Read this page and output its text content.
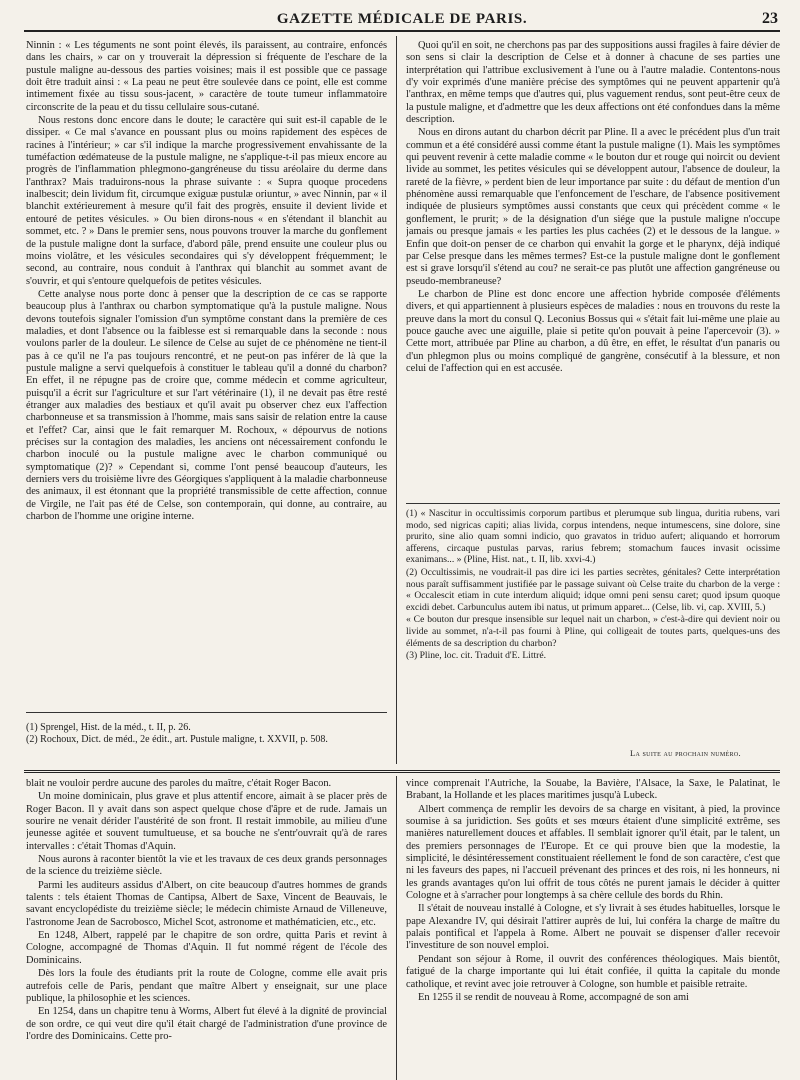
GAZETTE MÉDICALE DE PARIS.	23

Ninnin : « Les téguments ne sont point élevés, ils paraissent, au contraire, enfoncés dans les chairs, » car on y trouverait la dépression si fréquente de l'eschare de la pustule maligne au-dessous des parties voisines; mais il est possible que ce passage doit être traduit ainsi : « La peau ne peut être soulevée dans ce point, elle est comme intimement fixée au tissu sous-jacent, » caractère de toute tumeur inflammatoire circonscrite de la peau et du tissu cellulaire sous-cutané.

Nous restons donc encore dans le doute; le caractère qui suit est-il capable de le dissiper. « Ce mal s'avance en poussant plus ou moins rapidement des espèces de racines à l'intérieur; » car s'il indique la marche progressivement envahissante de la tuméfaction œdémateuse de la pustule maligne, ne s'applique-t-il pas mieux encore au progrès de l'inflammation phlegmono-gangréneuse du tissu aréolaire du derme dans l'anthrax? Mais traduirons-nous la phrase suivante : « Supra quoque procedens inalbescit; dein lividum fit, circumque exiguæ pustulæ oriuntur, » avec Ninnin, par « il blanchit extérieurement à mesure qu'il fait des progrès, ensuite il devient livide et entouré de petites vésicules. » Ou bien dirons-nous « en s'étendant il blanchit au sommet, etc. ? » Dans le premier sens, nous pouvons trouver la marche du gonflement de la pustule maligne dont la surface, d'abord pâle, prend ensuite une couleur plus ou moins violâtre, et les vésicules secondaires qui s'y développent fréquemment; le second, au contraire, nous conduit à l'anthrax qui blanchit au sommet avant de s'ouvrir, et qui s'entoure quelquefois de petites vésicules.

Cette analyse nous porte donc à penser que la description de ce cas se rapporte beaucoup plus à l'anthrax ou charbon symptomatique qu'à la pustule maligne. Nous devons toutefois signaler l'omission d'un symptôme constant dans la première de ces maladies, et dont l'absence ou la faiblesse est si remarquable dans la seconde : nous voulons parler de la douleur. Le silence de Celse au sujet de ce phénomène ne tient-il pas à ce qu'il ne l'a pas toujours rencontré, et ne peut-on pas inférer de là que la pustule maligne a servi quelquefois à constituer le tableau qu'il a donné du charbon? En effet, il ne répugne pas de croire que, comme médecin et comme agriculteur, puisqu'il a écrit sur l'agriculture et sur l'art vétérinaire (1), il ne devait pas être resté étranger aux maladies des bestiaux et qu'il avait pu observer chez eux l'affection charbonneuse et sa transmission à l'homme, mais sans saisir de relation entre la cause et l'effet? Car, ainsi que le fait remarquer M. Rochoux, « dépourvus de notions précises sur la contagion des maladies, les anciens ont nécessairement confondu le charbon inoculé ou la pustule maligne avec le charbon communiqué ou symptomatique (2)? » Cependant si, comme l'ont pensé beaucoup d'auteurs, les derniers vers du troisième livre des Géorgiques s'appliquent à la maladie charbonneuse des animaux, il est étonnant que la propriété transmissible de cette affection, connue de Virgile, ne l'ait pas été de Celse, son contemporain, qui donne, au contraire, au charbon de l'homme une origine interne.

Quoi qu'il en soit, ne cherchons pas par des suppositions aussi fragiles à faire dévier de son sens si clair la description de Celse et à donner à chacune de ses parties une interprétation qui l'attribue exclusivement à l'une ou à l'autre maladie. Contentons-nous d'y voir exprimés d'une manière précise des symptômes qui ne peuvent appartenir qu'à l'anthrax, en même temps que d'autres qui, plus vaguement rendus, sont peut-être ceux de la pustule maligne, et d'admettre que les deux affections ont été confondues dans la même description.

Nous en dirons autant du charbon décrit par Pline. Il a avec le précédent plus d'un trait commun et a été considéré aussi comme étant la pustule maligne (1). Mais les symptômes qui peuvent revenir à cette maladie comme « le bouton dur et rouge qui noircit ou devient livide au sommet, les petites vésicules qui se développent autour, l'absence de douleur, la rareté de la fièvre, » perdent bien de leur importance par suite : du défaut de mention d'un phénomène aussi remarquable que l'enfoncement de l'eschare, de l'absence positivement indiquée de plusieurs symptômes aussi constants que ceux qui précèdent comme « le gonflement, le prurit; » de la désignation d'un siége que la pustule maligne n'occupe jamais ou presque jamais « les parties les plus cachées (2) et le dessous de la langue. » Enfin que doit-on penser de ce charbon qui envahit la gorge et le pharynx, déjà indiqué par Celse presque dans les mêmes termes? Est-ce la pustule maligne dont le gonflement est si grave lorsqu'il s'étend au cou? ne serait-ce pas plutôt une affection gangréneuse ou pseudo-membraneuse?

Le charbon de Pline est donc encore une affection hybride composée d'éléments divers, et qui appartiennent à plusieurs espèces de maladies : nous en trouvons du reste la preuve dans la mort du consul Q. Leconius Bossus qui « s'était fait lui-même une plaie au pouce gauche avec une aiguille, plaie si petite qu'on pouvait à peine l'apercevoir (3). » Cette mort, attribuée par Pline au charbon, a dû être, en effet, le résultat d'un panaris ou d'un phlegmon plus ou moins compliqué de gangrène, consécutif à la blessure, et non celui de l'affection qui en est accusée.

(1) « Nascitur in occultissimis corporum partibus et plerumque sub lingua, duritia rubens, vari modo, sed nigricas capiti; alias livida, corpus intendens, neque intumescens, sine dolore, sine prurito, sine alio quam somni indicio, quo gravatos in triduo aufert; aliquando et horrorum afferens, circaque pustulas parvas, rarius febrem; stomachum fauces invasit ocissime exanimans... » (Pline, Hist. nat., t. II, lib. xxvi-4.)

(2) Occultissimis, ne voudrait-il pas dire ici les parties secrètes, génitales? Cette interprétation nous paraît suffisamment justifiée par le passage suivant où Celse traite du charbon de la verge : « Occalescit etiam in cute interdum aliquid; idque omni peni sensu caret; quod ipsum quoque excidi debet. Carbunculus autem ibi natus, ut primum apparet... (Celse, lib. vi, cap. XVIII, 5.)

« Ce bouton dur presque insensible sur lequel nait un charbon, » c'est-à-dire qui devient noir ou livide au sommet, n'a-t-il pas fourni à Pline, qui colligeait de toutes parts, quelques-uns des éléments de sa description du charbon?

(3) Pline, loc. cit. Traduit d'E. Littré.

La suite au prochain numéro.

(1) Sprengel, Hist. de la méd., t. II, p. 26.

(2) Rochoux, Dict. de méd., 2e édit., art. Pustule maligne, t. XXVII, p. 508.

blait ne vouloir perdre aucune des paroles du maître, c'était Roger Bacon.

Un moine dominicain, plus grave et plus attentif encore, aimait à se placer près de Roger Bacon. Il y avait dans son aspect quelque chose d'âpre et de rude. Jamais un sourire ne venait dérider l'austérité de son front. Il restait immobile, au milieu d'une jeunesse agitée et souvent tumultueuse, et sa bouche ne s'entr'ouvrait qu'à de rares intervalles : c'était Thomas d'Aquin.

Nous aurons à raconter bientôt la vie et les travaux de ces deux grands personnages de la science du treizième siècle.

Parmi les auditeurs assidus d'Albert, on cite beaucoup d'autres hommes de grands talents : tels étaient Thomas de Cantipsa, Albert de Saxe, Vincent de Beauvais, le savant encyclopédiste du treizième siècle; le médecin chimiste Arnaud de Villeneuve, l'astronome Jean de Sacrobosco, Michel Scot, astronome et mathématicien, etc., etc.

En 1248, Albert, rappelé par le chapitre de son ordre, quitta Paris et revint à Cologne, accompagné de Thomas d'Aquin. Il fut nommé régent de l'école des Dominicains.

Dès lors la foule des étudiants prit la route de Cologne, comme elle avait pris autrefois celle de Paris, pendant que maître Albert y enseignait, sur une place publique, la philosophie et les sciences.

En 1254, dans un chapitre tenu à Worms, Albert fut élevé à la dignité de provincial de son ordre, ce qui veut dire qu'il était chargé de l'administration d'une province de l'ordre des Dominicains. Cette pro-

vince comprenait l'Autriche, la Souabe, la Bavière, l'Alsace, la Saxe, le Palatinat, le Brabant, la Hollande et les places maritimes jusqu'à Lubeck.

Albert commença de remplir les devoirs de sa charge en visitant, à pied, la province soumise à sa juridiction. Ses goûts et ses mœurs étaient d'une simplicité extrême, ses manières naturellement douces et affables. Il semblait ignorer qu'il était, par le talent, un des premiers personnages de l'Europe. Et ce qui prouve bien que la modestie, la simplicité, le désintéressement constituaient réellement le fond de son caractère, c'est que ni les faveurs des papes, ni l'accueil prévenant des princes et des rois, ni les honneurs, ni les grands avantages qu'on lui offrit de tous côtés ne purent jamais le décider à quitter Cologne et à s'arracher pour longtemps à sa chère cellule des bords du Rhin.

Il s'était de nouveau installé à Cologne, et s'y livrait à ses études habituelles, lorsque le pape Alexandre IV, qui désirait l'attirer auprès de lui, lui conféra la charge de maître du palais pontifical et l'appela à Rome. Albert ne pouvait se dispenser d'aller recevoir l'investiture de son nouvel emploi.

Pendant son séjour à Rome, il ouvrit des conférences théologiques. Mais bientôt, fatigué de la charge importante qui lui était confiée, il quitta la capitale du monde catholique, et revint avec joie retrouver à Cologne, son humble et paisible retraite.

En 1255 il se rendit de nouveau à Rome, accompagné de son ami
